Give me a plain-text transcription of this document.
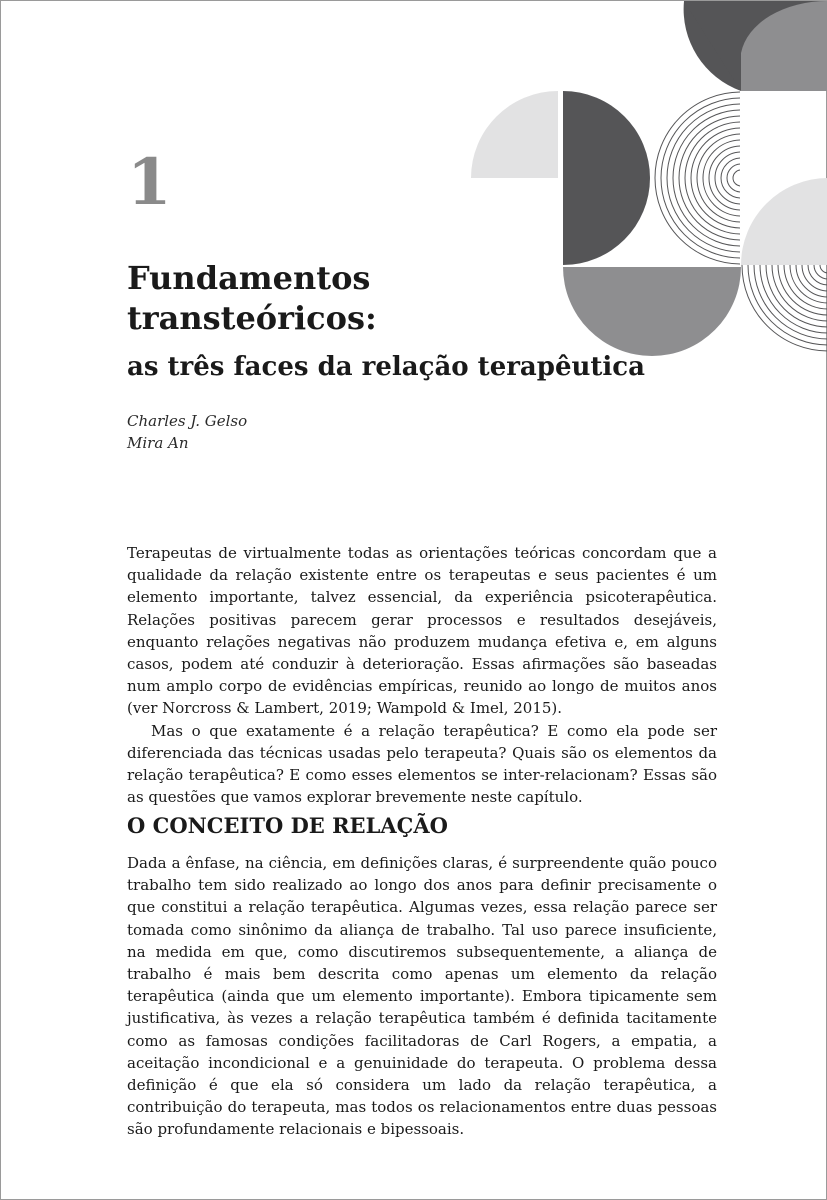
1
Fundamentos
transteóricos:
as três faces da relação terapêutica
Charles J. Gelso
Mira An

Terapeutas de virtualmente todas as orientações teóricas concordam que a qualidade da relação existente entre os terapeutas e seus pacientes é um elemento importante, talvez essencial, da experiência psicoterapêutica. Relações positivas parecem gerar processos e resultados desejáveis, enquanto relações negativas não produzem mudança efetiva e, em alguns casos, podem até conduzir à deterioração. Essas afirmações são baseadas num amplo corpo de evidências empíricas, reunido ao longo de muitos anos (ver Norcross & Lambert, 2019; Wampold & Imel, 2015).

Mas o que exatamente é a relação terapêutica? E como ela pode ser diferenciada das técnicas usadas pelo terapeuta? Quais são os elementos da relação terapêutica? E como esses elementos se inter-relacionam? Essas são as questões que vamos explorar brevemente neste capítulo.

O CONCEITO DE RELAÇÃO

Dada a ênfase, na ciência, em definições claras, é surpreendente quão pouco trabalho tem sido realizado ao longo dos anos para definir precisamente o que constitui a relação terapêutica. Algumas vezes, essa relação parece ser tomada como sinônimo da aliança de trabalho. Tal uso parece insuficiente, na medida em que, como discutiremos subsequentemente, a aliança de trabalho é mais bem descrita como apenas um elemento da relação terapêutica (ainda que um elemento importante). Embora tipicamente sem justificativa, às vezes a relação terapêutica também é definida tacitamente como as famosas condições facilitadoras de Carl Rogers, a empatia, a aceitação incondicional e a genuinidade do terapeuta. O problema dessa definição é que ela só considera um lado da relação terapêutica, a contribuição do terapeuta, mas todos os relacionamentos entre duas pessoas são profundamente relacionais e bipessoais.
